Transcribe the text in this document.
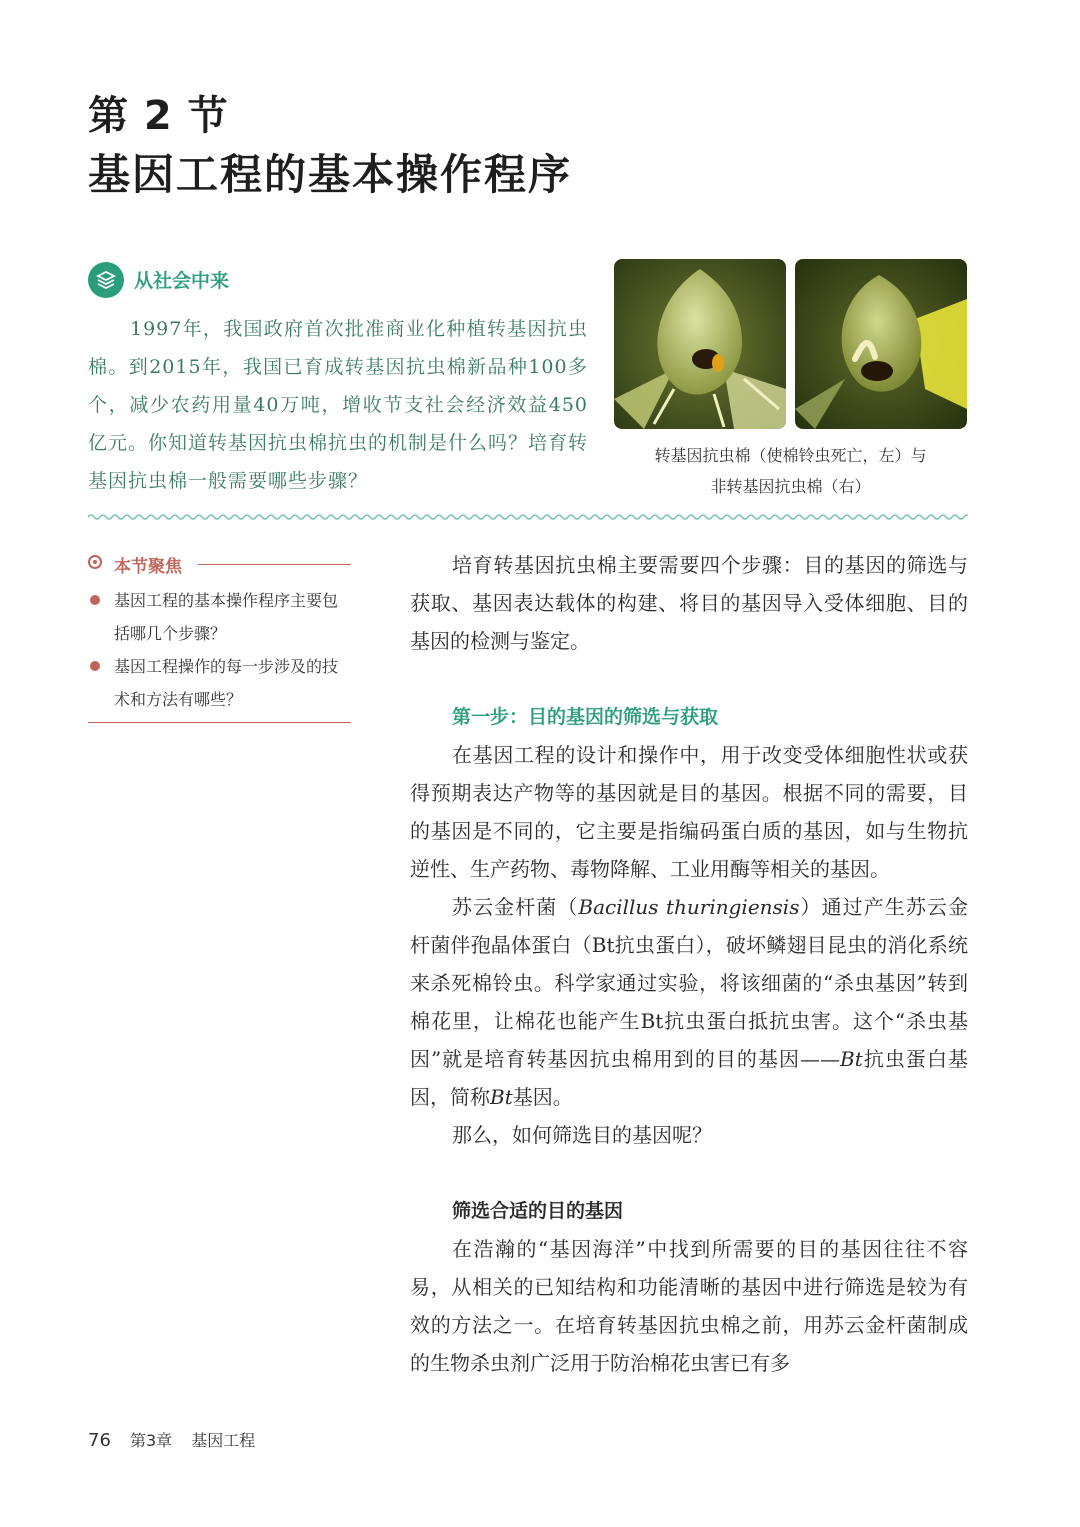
第 2 节
基因工程的基本操作程序
从社会中来
1997年，我国政府首次批准商业化种植转基因抗虫棉。到2015年，我国已育成转基因抗虫棉新品种100多个，减少农药用量40万吨，增收节支社会经济效益450亿元。你知道转基因抗虫棉抗虫的机制是什么吗？培育转基因抗虫棉一般需要哪些步骤？
转基因抗虫棉（使棉铃虫死亡，左）与
非转基因抗虫棉（右）
本节聚焦
基因工程的基本操作程序主要包括哪几个步骤？
基因工程操作的每一步涉及的技术和方法有哪些？

培育转基因抗虫棉主要需要四个步骤：目的基因的筛选与获取、基因表达载体的构建、将目的基因导入受体细胞、目的基因的检测与鉴定。

第一步：目的基因的筛选与获取

在基因工程的设计和操作中，用于改变受体细胞性状或获得预期表达产物等的基因就是目的基因。根据不同的需要，目的基因是不同的，它主要是指编码蛋白质的基因，如与生物抗逆性、生产药物、毒物降解、工业用酶等相关的基因。

苏云金杆菌（Bacillus thuringiensis）通过产生苏云金杆菌伴孢晶体蛋白（Bt抗虫蛋白），破坏鳞翅目昆虫的消化系统来杀死棉铃虫。科学家通过实验，将该细菌的“杀虫基因”转到棉花里，让棉花也能产生Bt抗虫蛋白抵抗虫害。这个“杀虫基因”就是培育转基因抗虫棉用到的目的基因——Bt抗虫蛋白基因，简称Bt基因。

那么，如何筛选目的基因呢？

筛选合适的目的基因

在浩瀚的“基因海洋”中找到所需要的目的基因往往不容易，从相关的已知结构和功能清晰的基因中进行筛选是较为有效的方法之一。在培育转基因抗虫棉之前，用苏云金杆菌制成的生物杀虫剂广泛用于防治棉花虫害已有多

76 第3章 基因工程
